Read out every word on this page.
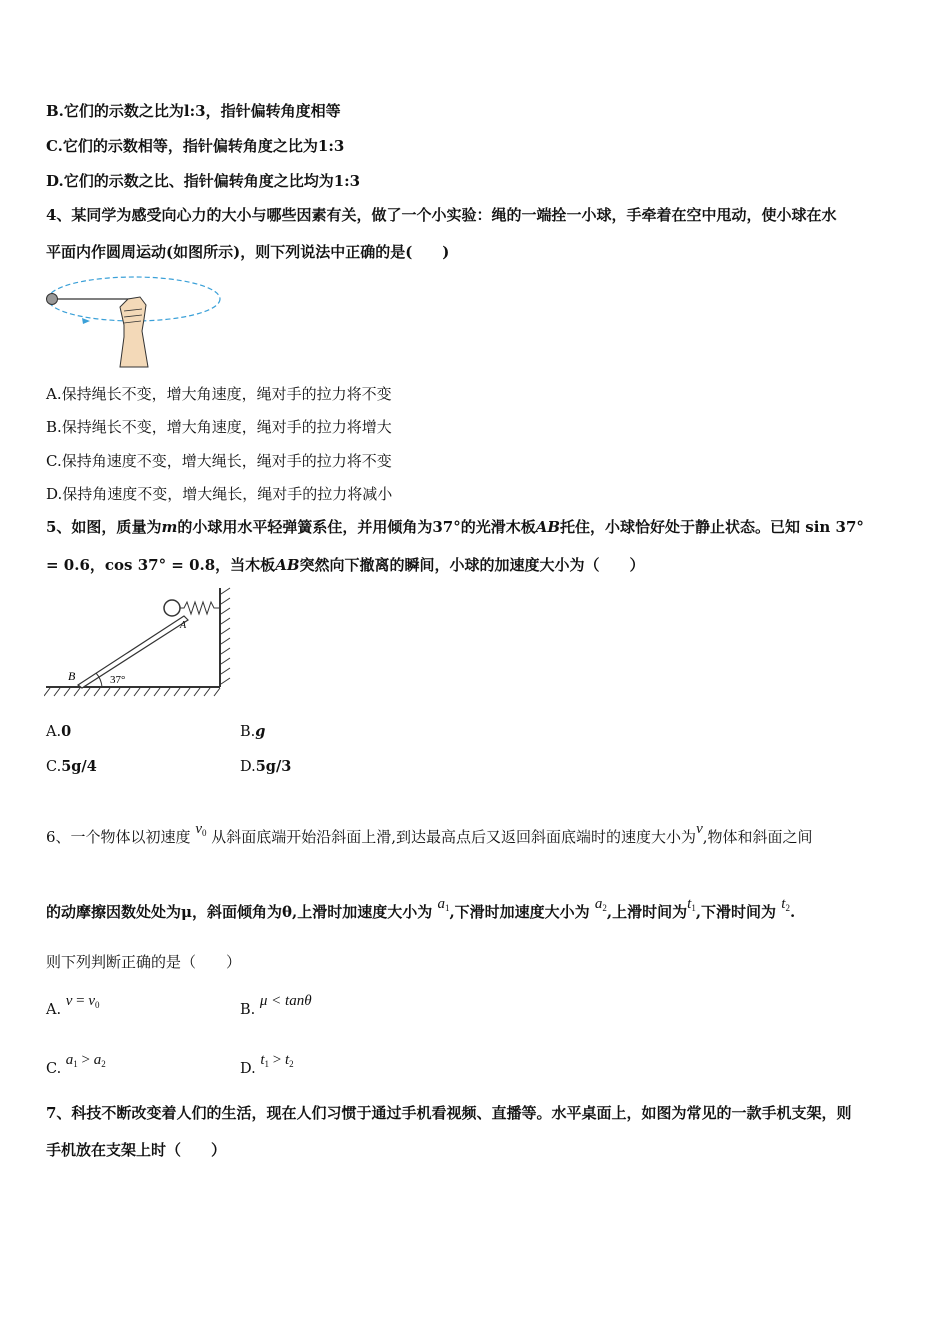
B.它们的示数之比为l:3，指针偏转角度相等
C.它们的示数相等，指针偏转角度之比为1:3
D.它们的示数之比、指针偏转角度之比均为1:3
4、某同学为感受向心力的大小与哪些因素有关，做了一个小实验：绳的一端拴一小球，手牵着在空中甩动，使小球在水
平面内作圆周运动(如图所示)，则下列说法中正确的是(　　)
A.保持绳长不变，增大角速度，绳对手的拉力将不变
B.保持绳长不变，增大角速度，绳对手的拉力将增大
C.保持角速度不变，增大绳长，绳对手的拉力将不变
D.保持角速度不变，增大绳长，绳对手的拉力将减小
5、如图，质量为m的小球用水平轻弹簧系住，并用倾角为37°的光滑木板AB托住，小球恰好处于静止状态。已知 sin 37°
= 0.6，cos 37° = 0.8，当木板AB突然向下撤离的瞬间，小球的加速度大小为（　　）
B
A
37°
A.0	B.g
C.5g/4	D.5g/3
6、一个物体以初速度 $v_0$ 从斜面底端开始沿斜面上滑,到达最高点后又返回斜面底端时的速度大小为v,物体和斜面之间
的动摩擦因数处处为μ，斜面倾角为θ,上滑时加速度大小为 $a_1$,下滑时加速度大小为 $a_2$,上滑时间为$t_1$,下滑时间为 $t_2$.
则下列判断正确的是（　　）
A. $v = v_0$	B. μ < tanθ
C. $a_1 > a_2$	D. $t_1 > t_2$
7、科技不断改变着人们的生活，现在人们习惯于通过手机看视频、直播等。水平桌面上，如图为常见的一款手机支架，则
手机放在支架上时（　　）
